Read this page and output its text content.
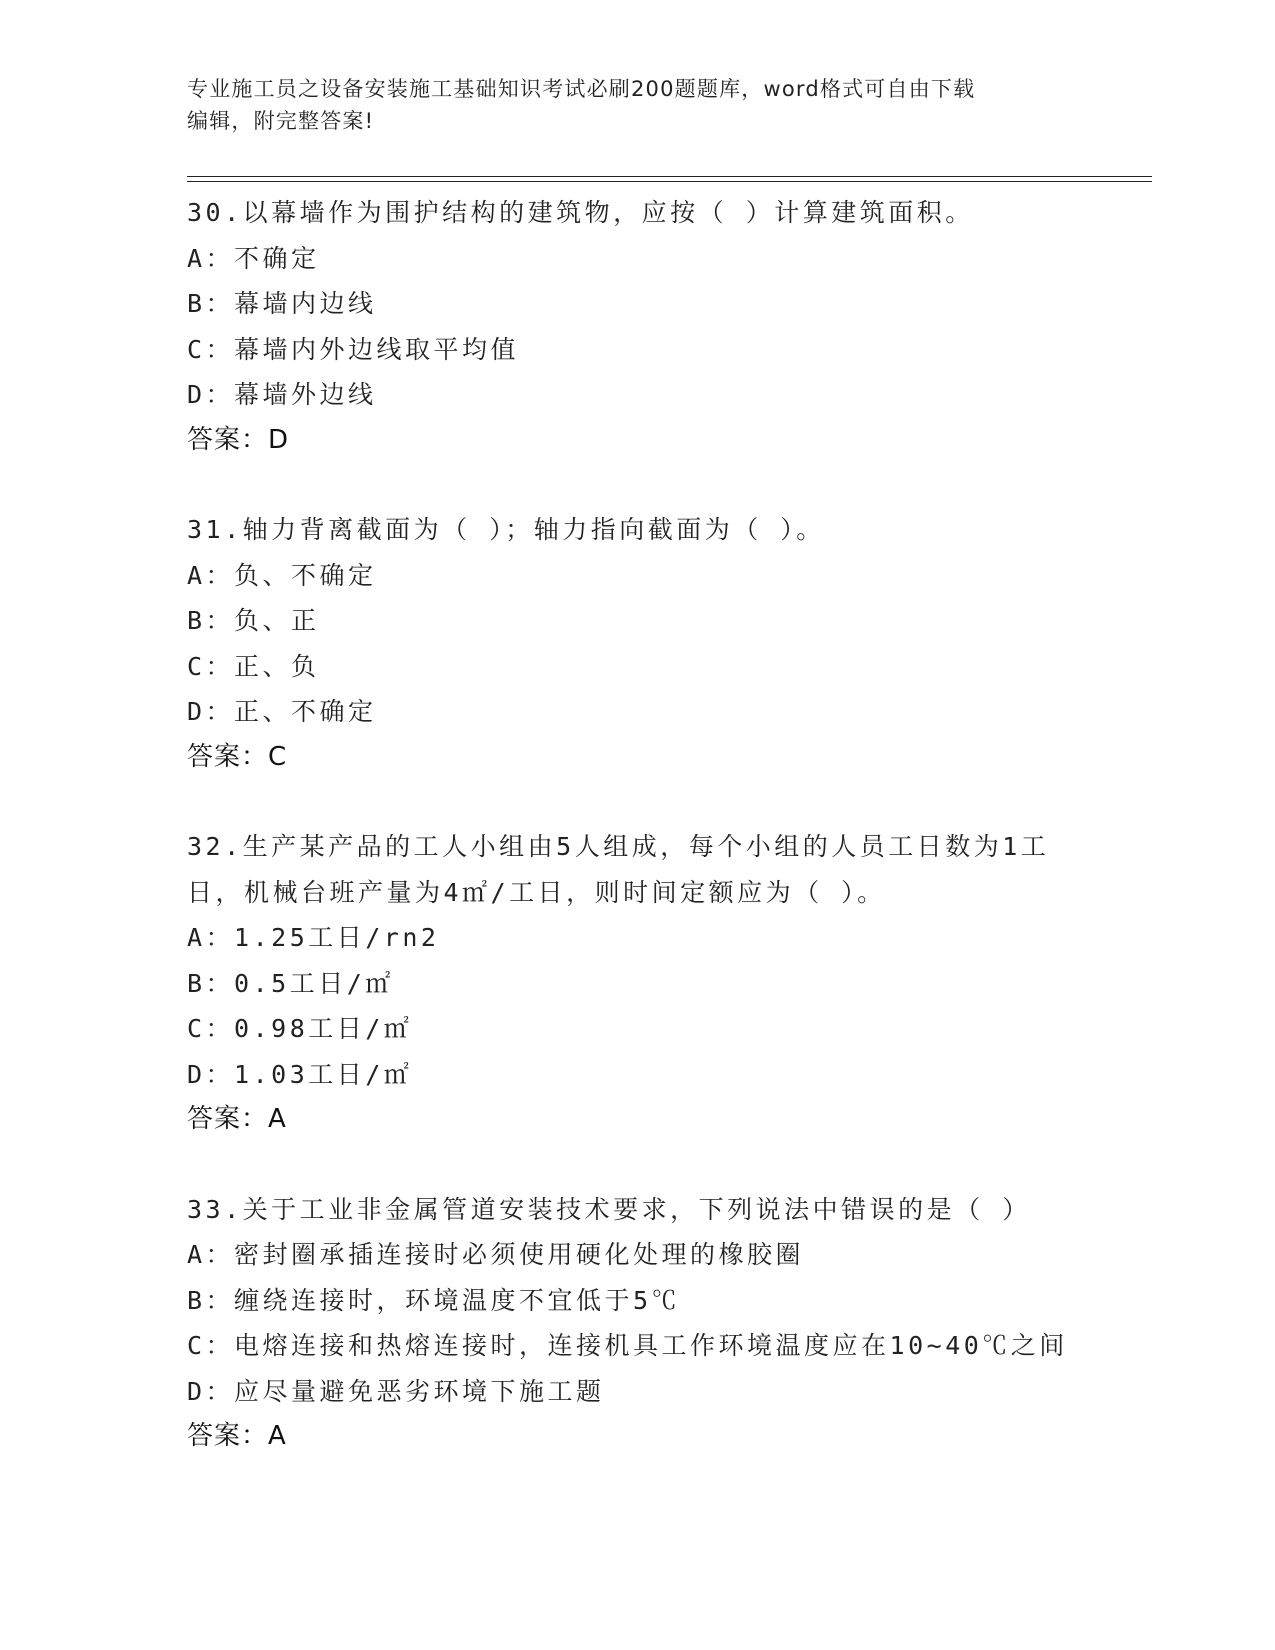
专业施工员之设备安装施工基础知识考试必刷200题题库，word格式可自由下载
编辑，附完整答案!
30.以幕墙作为围护结构的建筑物，应按（ ）计算建筑面积。
A：不确定
B：幕墙内边线
C：幕墙内外边线取平均值
D：幕墙外边线
答案：D
31.轴力背离截面为（ ）；轴力指向截面为（ ）。
A：负、不确定
B：负、正
C：正、负
D：正、不确定
答案：C
32.生产某产品的工人小组由5人组成，每个小组的人员工日数为1工
日，机械台班产量为4㎡/工日，则时间定额应为（ ）。
A：1.25工日/rn2
B：0.5工日/㎡
C：0.98工日/㎡
D：1.03工日/㎡
答案：A
33.关于工业非金属管道安装技术要求，下列说法中错误的是（ ）
A：密封圈承插连接时必须使用硬化处理的橡胶圈
B：缠绕连接时，环境温度不宜低于5℃
C：电熔连接和热熔连接时，连接机具工作环境温度应在10~40℃之间
D：应尽量避免恶劣环境下施工题
答案：A
